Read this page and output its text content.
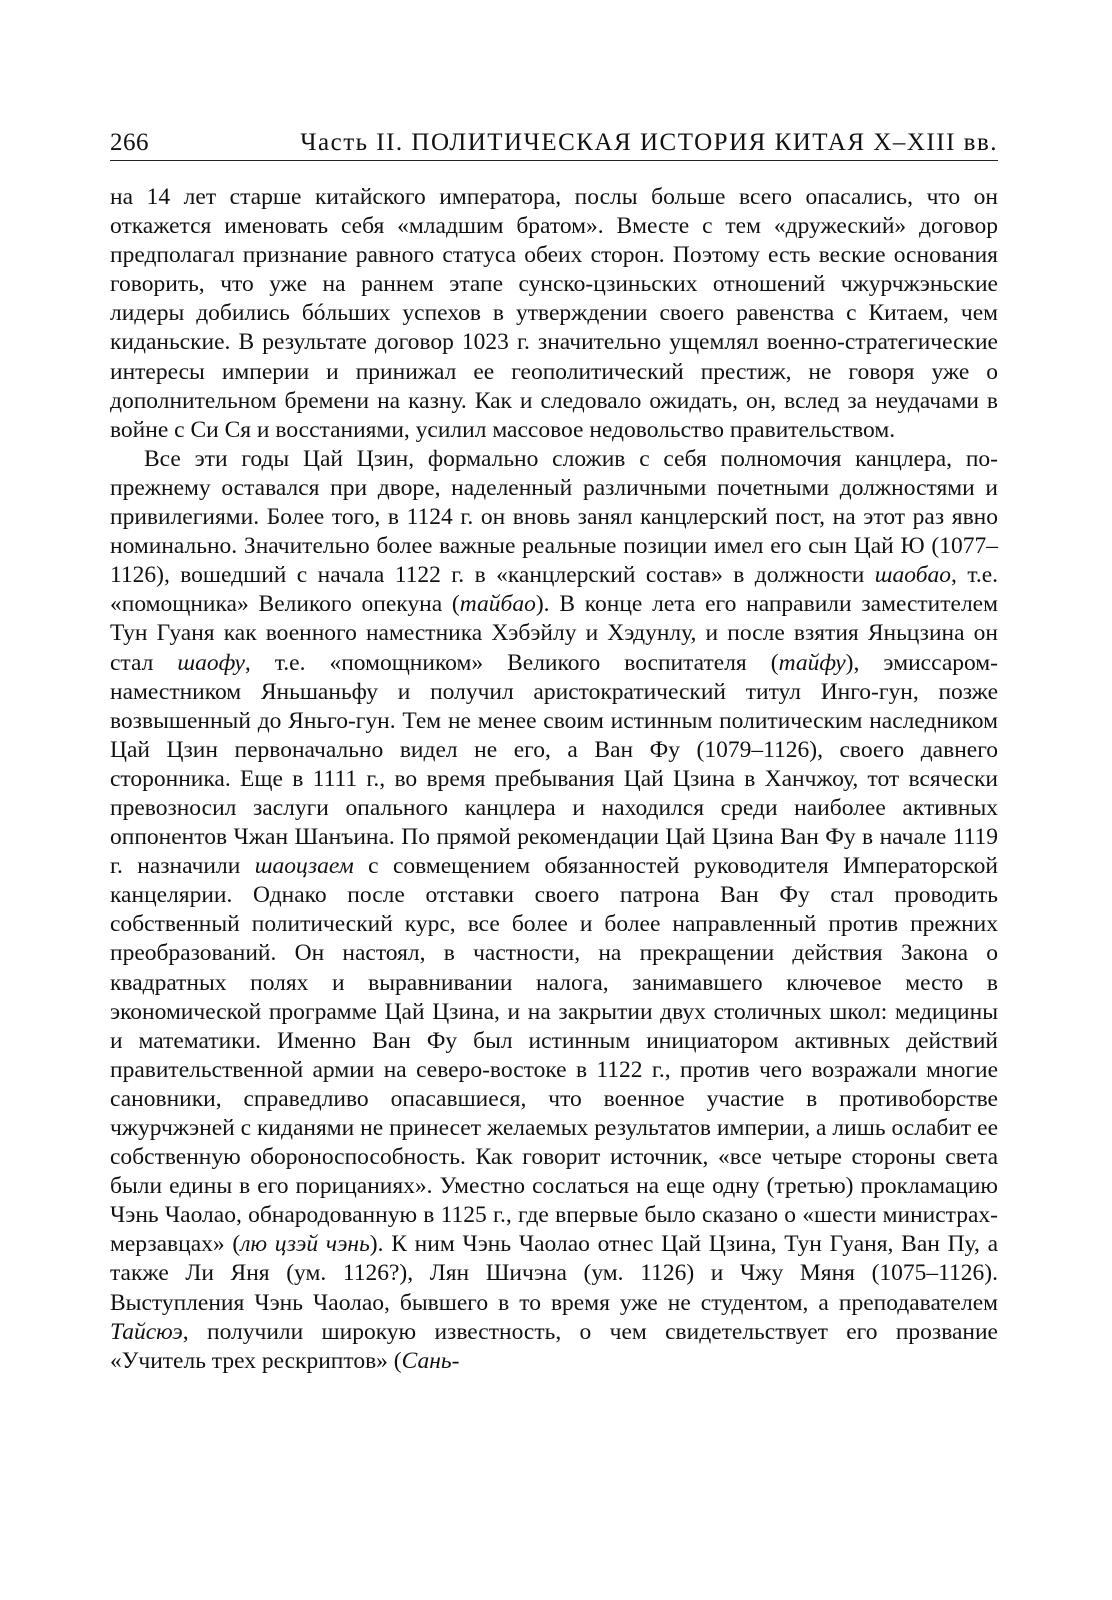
266	Часть II. ПОЛИТИЧЕСКАЯ ИСТОРИЯ КИТАЯ X–XIII вв.

на 14 лет старше китайского императора, послы больше всего опасались, что он откажется именовать себя «младшим братом». Вместе с тем «дружеский» договор предполагал признание равного статуса обеих сторон. Поэтому есть веские основания говорить, что уже на раннем этапе сунско-цзиньских отношений чжурчжэньские лидеры добились бóльших успехов в утверждении своего равенства с Китаем, чем киданьские. В результате договор 1023 г. значительно ущемлял военно-стратегические интересы империи и принижал ее геополитический престиж, не говоря уже о дополнительном бремени на казну. Как и следовало ожидать, он, вслед за неудачами в войне с Си Ся и восстаниями, усилил массовое недовольство правительством.

Все эти годы Цай Цзин, формально сложив с себя полномочия канцлера, по-прежнему оставался при дворе, наделенный различными почетными должностями и привилегиями. Более того, в 1124 г. он вновь занял канцлерский пост, на этот раз явно номинально. Значительно более важные реальные позиции имел его сын Цай Ю (1077–1126), вошедший с начала 1122 г. в «канцлерский состав» в должности шаобао, т.е. «помощника» Великого опекуна (тайбао). В конце лета его направили заместителем Тун Гуаня как военного наместника Хэбэйлу и Хэдунлу, и после взятия Яньцзина он стал шаофу, т.е. «помощником» Великого воспитателя (тайфу), эмиссаром-наместником Яньшаньфу и получил аристократический титул Инго-гун, позже возвышенный до Яньго-гун. Тем не менее своим истинным политическим наследником Цай Цзин первоначально видел не его, а Ван Фу (1079–1126), своего давнего сторонника. Еще в 1111 г., во время пребывания Цай Цзина в Ханчжоу, тот всячески превозносил заслуги опального канцлера и находился среди наиболее активных оппонентов Чжан Шанъина. По прямой рекомендации Цай Цзина Ван Фу в начале 1119 г. назначили шаоцзаем с совмещением обязанностей руководителя Императорской канцелярии. Однако после отставки своего патрона Ван Фу стал проводить собственный политический курс, все более и более направленный против прежних преобразований. Он настоял, в частности, на прекращении действия Закона о квадратных полях и выравнивании налога, занимавшего ключевое место в экономической программе Цай Цзина, и на закрытии двух столичных школ: медицины и математики. Именно Ван Фу был истинным инициатором активных действий правительственной армии на северо-востоке в 1122 г., против чего возражали многие сановники, справедливо опасавшиеся, что военное участие в противоборстве чжурчжэней с киданями не принесет желаемых результатов империи, а лишь ослабит ее собственную обороноспособность. Как говорит источник, «все четыре стороны света были едины в его порицаниях». Уместно сослаться на еще одну (третью) прокламацию Чэнь Чаолао, обнародованную в 1125 г., где впервые было сказано о «шести министрах-мерзавцах» (лю цзэй чэнь). К ним Чэнь Чаолао отнес Цай Цзина, Тун Гуаня, Ван Пу, а также Ли Яня (ум. 1126?), Лян Шичэна (ум. 1126) и Чжу Мяня (1075–1126). Выступления Чэнь Чаолао, бывшего в то время уже не студентом, а преподавателем Тайсюэ, получили широкую известность, о чем свидетельствует его прозвание «Учитель трех рескриптов» (Сань-
